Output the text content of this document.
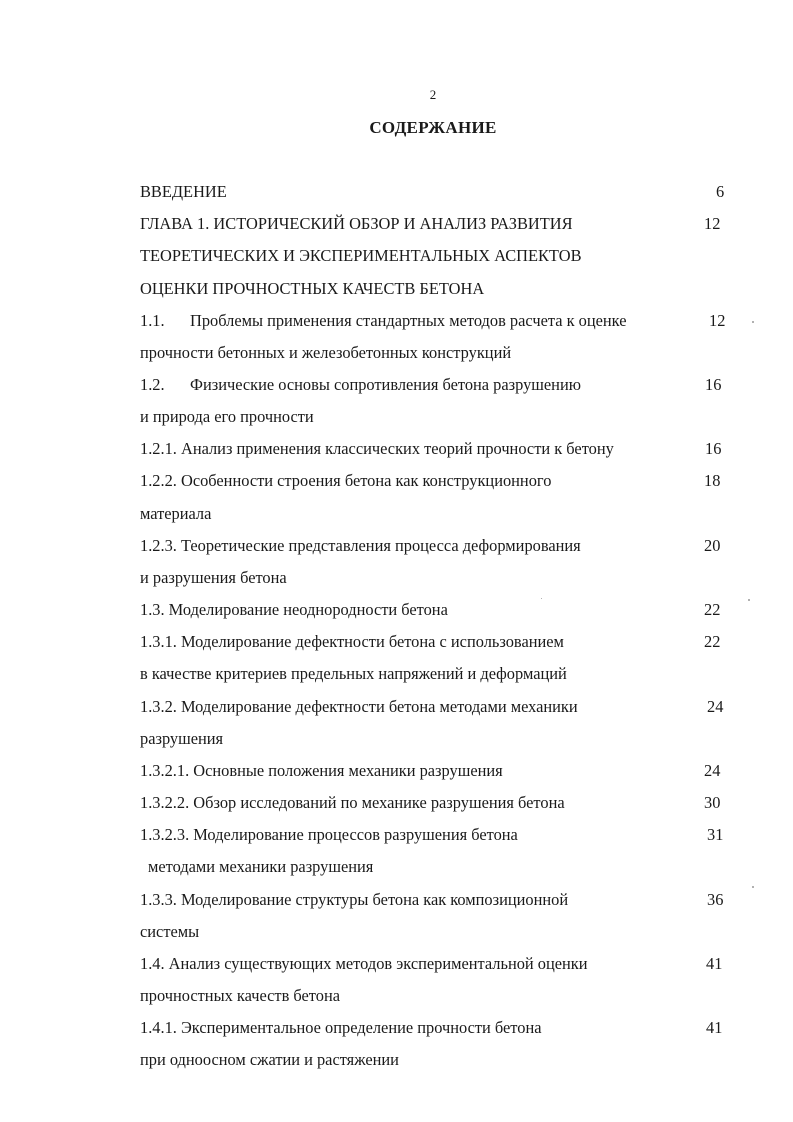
2
СОДЕРЖАНИЕ
ВВЕДЕНИЕ	6
ГЛАВА 1. ИСТОРИЧЕСКИЙ ОБЗОР И АНАЛИЗ РАЗВИТИЯ	12
ТЕОРЕТИЧЕСКИХ И ЭКСПЕРИМЕНТАЛЬНЫХ АСПЕКТОВ
ОЦЕНКИ ПРОЧНОСТНЫХ КАЧЕСТВ БЕТОНА
1.1. Проблемы применения стандартных методов расчета к оценке	12
прочности бетонных и железобетонных конструкций
1.2. Физические основы сопротивления бетона разрушению	16
и природа его прочности
1.2.1. Анализ применения классических теорий прочности к бетону	16
1.2.2. Особенности строения бетона как конструкционного	18
материала
1.2.3. Теоретические представления процесса деформирования	20
и разрушения бетона
1.3. Моделирование неоднородности бетона	22
1.3.1. Моделирование дефектности бетона с использованием	22
в качестве критериев предельных напряжений и деформаций
1.3.2. Моделирование дефектности бетона методами механики	24
разрушения
1.3.2.1. Основные положения механики разрушения	24
1.3.2.2. Обзор исследований по механике разрушения бетона	30
1.3.2.3. Моделирование процессов разрушения бетона	31
методами механики разрушения
1.3.3. Моделирование структуры бетона как композиционной	36
системы
1.4. Анализ существующих методов экспериментальной оценки	41
прочностных качеств бетона
1.4.1. Экспериментальное определение прочности бетона	41
при одноосном сжатии и растяжении
